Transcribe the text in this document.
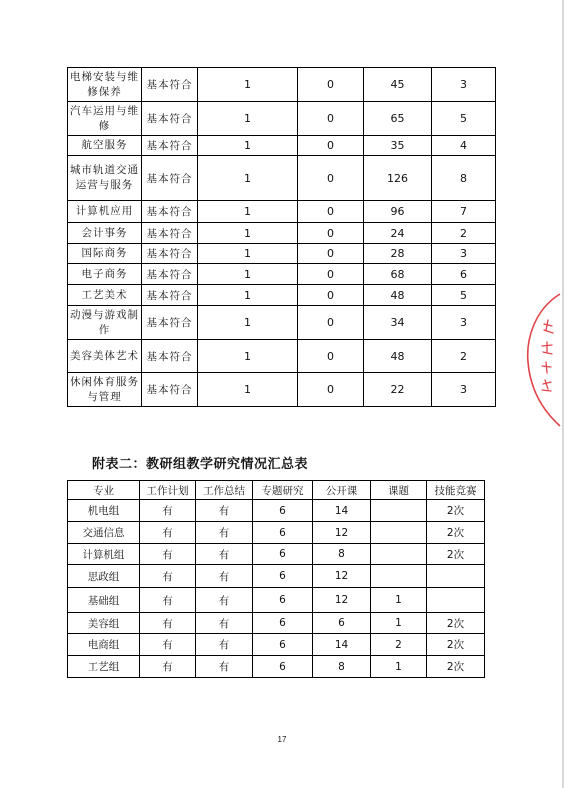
电梯安装与维修保养	基本符合	1	0	45	3
汽车运用与维修	基本符合	1	0	65	5
航空服务	基本符合	1	0	35	4
城市轨道交通运营与服务	基本符合	1	0	126	8
计算机应用	基本符合	1	0	96	7
会计事务	基本符合	1	0	24	2
国际商务	基本符合	1	0	28	3
电子商务	基本符合	1	0	68	6
工艺美术	基本符合	1	0	48	5
动漫与游戏制作	基本符合	1	0	34	3
美容美体艺术	基本符合	1	0	48	2
休闲体育服务与管理	基本符合	1	0	22	3
附表二：教研组教学研究情况汇总表
专业	工作计划	工作总结	专题研究	公开课	课题	技能竞赛
机电组	有	有	6	14		2次
交通信息	有	有	6	12		2次
计算机组	有	有	6	8		2次
思政组	有	有	6	12		
基础组	有	有	6	12	1	
美容组	有	有	6	6	1	2次
电商组	有	有	6	14	2	2次
工艺组	有	有	6	8	1	2次
17
